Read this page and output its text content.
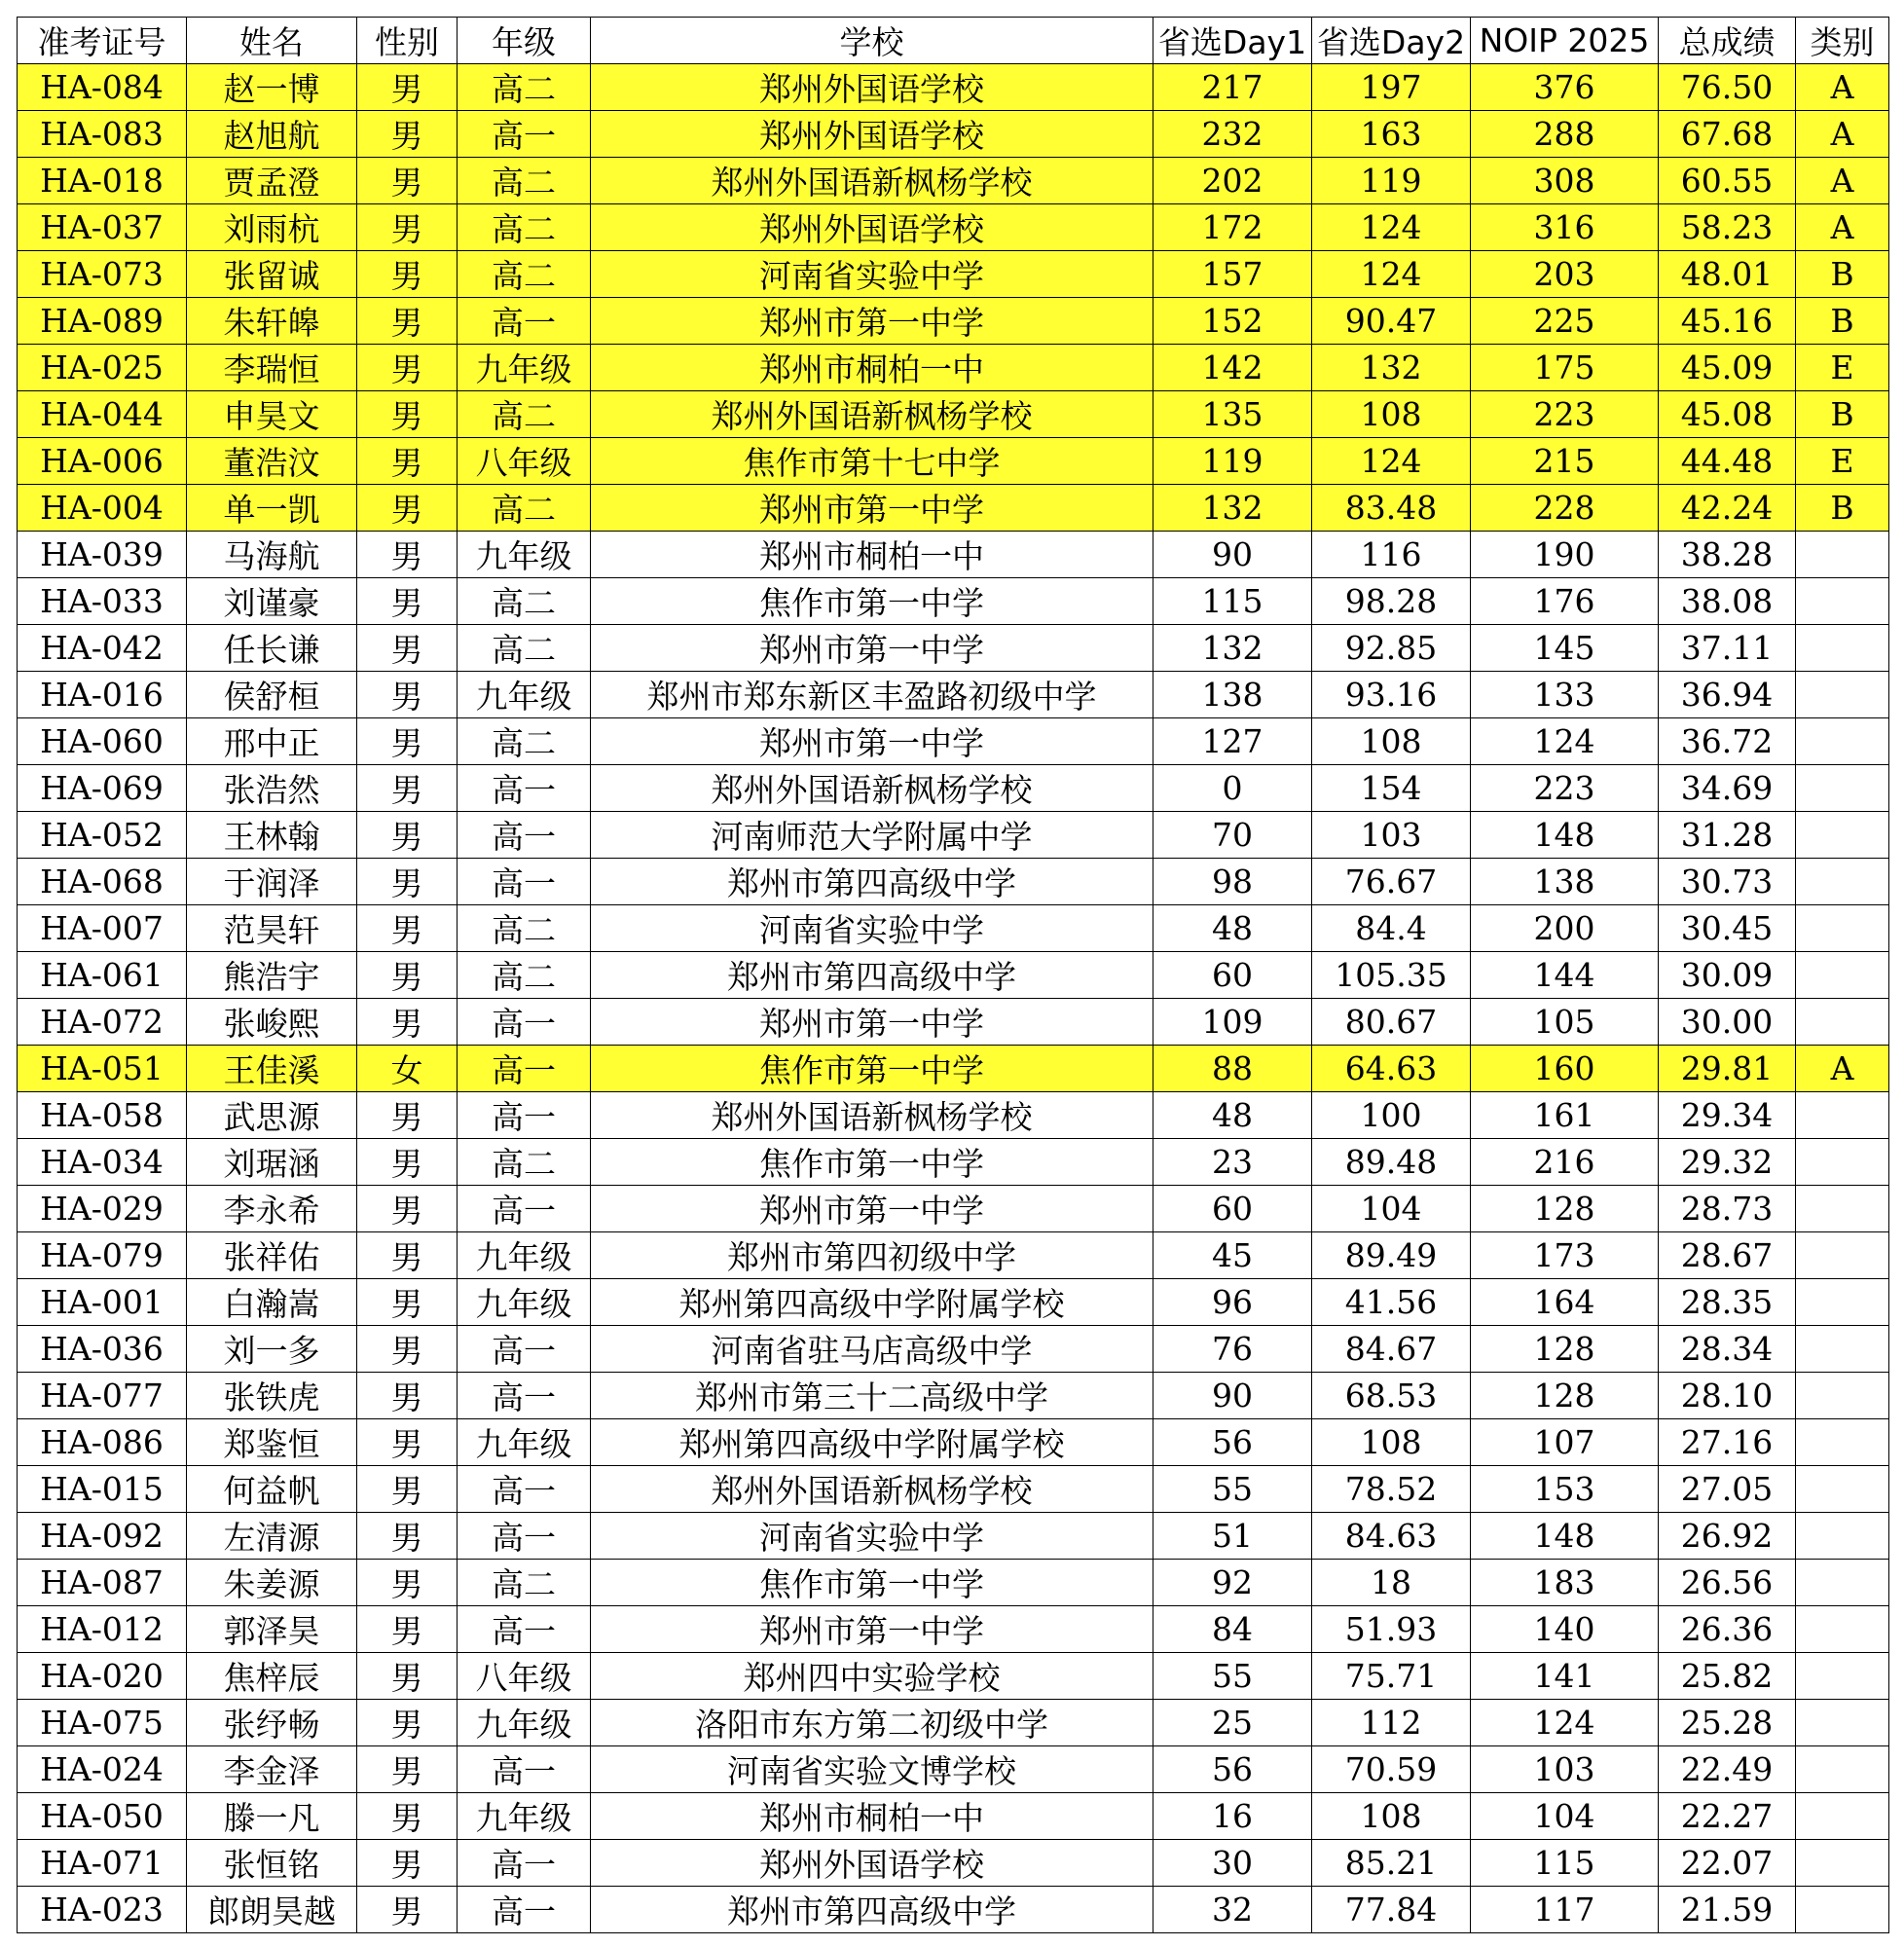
准考证号	姓名	性别	年级	学校	省选Day1	省选Day2	NOIP 2025	总成绩	类别
HA-084	赵一博	男	高二	郑州外国语学校	217	197	376	76.50	A
HA-083	赵旭航	男	高一	郑州外国语学校	232	163	288	67.68	A
HA-018	贾孟澄	男	高二	郑州外国语新枫杨学校	202	119	308	60.55	A
HA-037	刘雨杭	男	高二	郑州外国语学校	172	124	316	58.23	A
HA-073	张留诚	男	高二	河南省实验中学	157	124	203	48.01	B
HA-089	朱轩皞	男	高一	郑州市第一中学	152	90.47	225	45.16	B
HA-025	李瑞恒	男	九年级	郑州市桐柏一中	142	132	175	45.09	E
HA-044	申昊文	男	高二	郑州外国语新枫杨学校	135	108	223	45.08	B
HA-006	董浩汶	男	八年级	焦作市第十七中学	119	124	215	44.48	E
HA-004	单一凯	男	高二	郑州市第一中学	132	83.48	228	42.24	B
HA-039	马海航	男	九年级	郑州市桐柏一中	90	116	190	38.28	
HA-033	刘谨豪	男	高二	焦作市第一中学	115	98.28	176	38.08	
HA-042	任长谦	男	高二	郑州市第一中学	132	92.85	145	37.11	
HA-016	侯舒桓	男	九年级	郑州市郑东新区丰盈路初级中学	138	93.16	133	36.94	
HA-060	邢中正	男	高二	郑州市第一中学	127	108	124	36.72	
HA-069	张浩然	男	高一	郑州外国语新枫杨学校	0	154	223	34.69	
HA-052	王林翰	男	高一	河南师范大学附属中学	70	103	148	31.28	
HA-068	于润泽	男	高一	郑州市第四高级中学	98	76.67	138	30.73	
HA-007	范昊轩	男	高二	河南省实验中学	48	84.4	200	30.45	
HA-061	熊浩宇	男	高二	郑州市第四高级中学	60	105.35	144	30.09	
HA-072	张峻熙	男	高一	郑州市第一中学	109	80.67	105	30.00	
HA-051	王佳溪	女	高一	焦作市第一中学	88	64.63	160	29.81	A
HA-058	武思源	男	高一	郑州外国语新枫杨学校	48	100	161	29.34	
HA-034	刘琚涵	男	高二	焦作市第一中学	23	89.48	216	29.32	
HA-029	李永希	男	高一	郑州市第一中学	60	104	128	28.73	
HA-079	张祥佑	男	九年级	郑州市第四初级中学	45	89.49	173	28.67	
HA-001	白瀚嵩	男	九年级	郑州第四高级中学附属学校	96	41.56	164	28.35	
HA-036	刘一多	男	高一	河南省驻马店高级中学	76	84.67	128	28.34	
HA-077	张铁虎	男	高一	郑州市第三十二高级中学	90	68.53	128	28.10	
HA-086	郑鉴恒	男	九年级	郑州第四高级中学附属学校	56	108	107	27.16	
HA-015	何益帆	男	高一	郑州外国语新枫杨学校	55	78.52	153	27.05	
HA-092	左清源	男	高一	河南省实验中学	51	84.63	148	26.92	
HA-087	朱姜源	男	高二	焦作市第一中学	92	18	183	26.56	
HA-012	郭泽昊	男	高一	郑州市第一中学	84	51.93	140	26.36	
HA-020	焦梓辰	男	八年级	郑州四中实验学校	55	75.71	141	25.82	
HA-075	张纾畅	男	九年级	洛阳市东方第二初级中学	25	112	124	25.28	
HA-024	李金泽	男	高一	河南省实验文博学校	56	70.59	103	22.49	
HA-050	滕一凡	男	九年级	郑州市桐柏一中	16	108	104	22.27	
HA-071	张恒铭	男	高一	郑州外国语学校	30	85.21	115	22.07	
HA-023	郎朗昊越	男	高一	郑州市第四高级中学	32	77.84	117	21.59	
